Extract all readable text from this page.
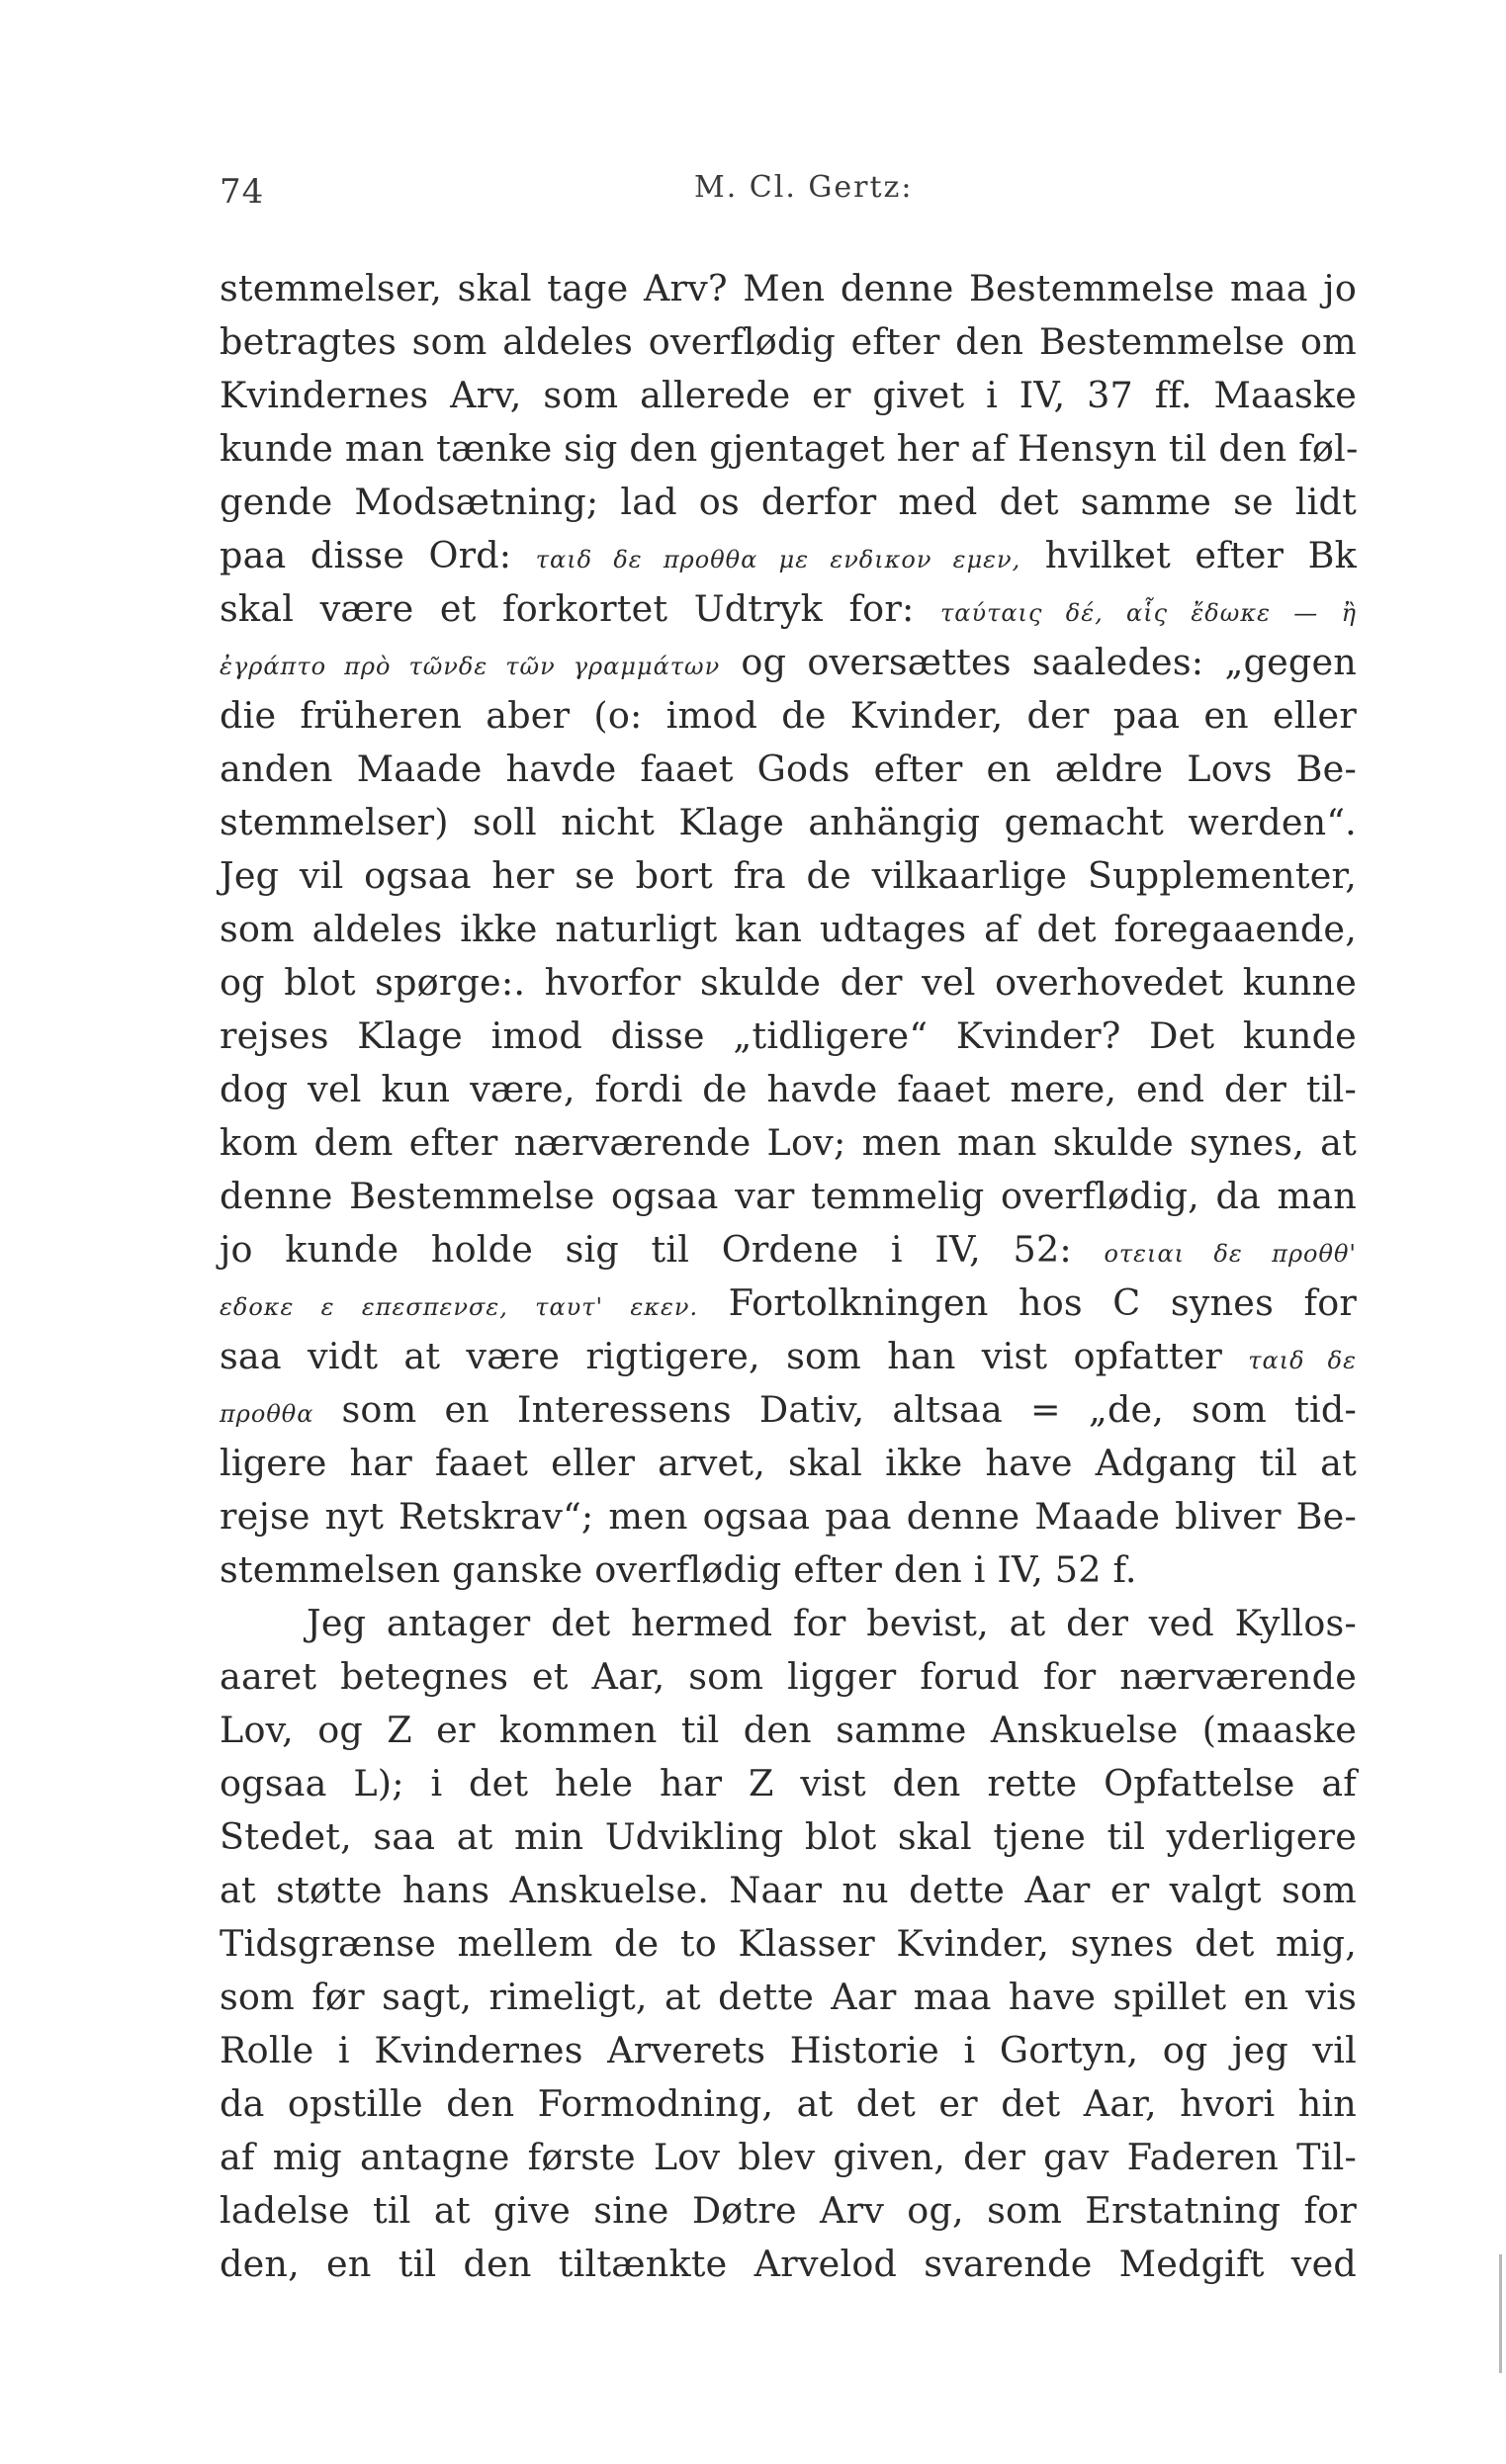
74	M. Cl. Gertz:
stemmelser, skal tage Arv? Men denne Bestemmelse maa jo
betragtes som aldeles overflødig efter den Bestemmelse om
Kvindernes Arv, som allerede er givet i IV, 37 ff. Maaske
kunde man tænke sig den gjentaget her af Hensyn til den føl-
gende Modsætning; lad os derfor med det samme se lidt
paa disse Ord: ταιδ δε προθθα με ενδικον εμεν, hvilket efter Bk
skal være et forkortet Udtryk for: ταύταις δέ, αἷς ἔδωκε — ἢ
ἐγράπτο πρὸ τῶνδε τῶν γραμμάτων og oversættes saaledes: „gegen
die früheren aber (o: imod de Kvinder, der paa en eller
anden Maade havde faaet Gods efter en ældre Lovs Be-
stemmelser) soll nicht Klage anhängig gemacht werden“.
Jeg vil ogsaa her se bort fra de vilkaarlige Supplementer,
som aldeles ikke naturligt kan udtages af det foregaaende,
og blot spørge:. hvorfor skulde der vel overhovedet kunne
rejses Klage imod disse „tidligere“ Kvinder? Det kunde
dog vel kun være, fordi de havde faaet mere, end der til-
kom dem efter nærværende Lov; men man skulde synes, at
denne Bestemmelse ogsaa var temmelig overflødig, da man
jo kunde holde sig til Ordene i IV, 52: οτειαι δε προθθ'
εδοκε ε επεσπενσε, ταυτ' εκεν. Fortolkningen hos C synes for
saa vidt at være rigtigere, som han vist opfatter ταιδ δε
προθθα som en Interessens Dativ, altsaa = „de, som tid-
ligere har faaet eller arvet, skal ikke have Adgang til at
rejse nyt Retskrav“; men ogsaa paa denne Maade bliver Be-
stemmelsen ganske overflødig efter den i IV, 52 f.
Jeg antager det hermed for bevist, at der ved Kyllos-
aaret betegnes et Aar, som ligger forud for nærværende
Lov, og Z er kommen til den samme Anskuelse (maaske
ogsaa L); i det hele har Z vist den rette Opfattelse af
Stedet, saa at min Udvikling blot skal tjene til yderligere
at støtte hans Anskuelse. Naar nu dette Aar er valgt som
Tidsgrænse mellem de to Klasser Kvinder, synes det mig,
som før sagt, rimeligt, at dette Aar maa have spillet en vis
Rolle i Kvindernes Arverets Historie i Gortyn, og jeg vil
da opstille den Formodning, at det er det Aar, hvori hin
af mig antagne første Lov blev given, der gav Faderen Til-
ladelse til at give sine Døtre Arv og, som Erstatning for
den, en til den tiltænkte Arvelod svarende Medgift ved
